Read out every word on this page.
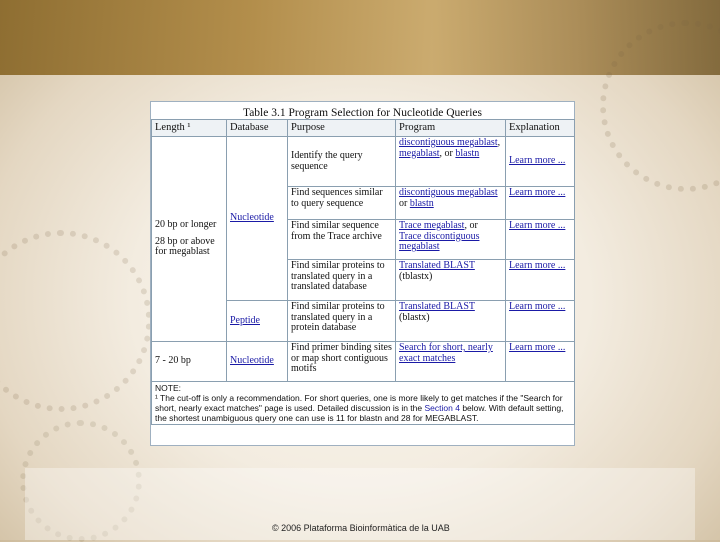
Table 3.1 Program Selection for Nucleotide Queries
Length ¹	Database	Purpose	Program	Explanation

20 bp or longer
28 bp or above for megablast	Nucleotide	Identify the query sequence	discontiguous megablast, megablast, or blastn	Learn more ...
		Find sequences similar to query sequence	discontiguous megablast or blastn	Learn more ...
		Find similar sequence from the Trace archive	Trace megablast, or Trace discontiguous megablast	Learn more ...
		Find similar proteins to translated query in a translated database	Translated BLAST (tblastx)	Learn more ...
	Peptide	Find similar proteins to translated query in a protein database	Translated BLAST (blastx)	Learn more ...
7 - 20 bp	Nucleotide	Find primer binding sites or map short contiguous motifs	Search for short, nearly exact matches	Learn more ...

NOTE:
¹ The cut-off is only a recommendation. For short queries, one is more likely to get matches if the "Search for short, nearly exact matches" page is used. Detailed discussion is in the Section 4 below. With default setting, the shortest unambiguous query one can use is 11 for blastn and 28 for MEGABLAST.				
© 2006 Plataforma Bioinformàtica de la UAB
